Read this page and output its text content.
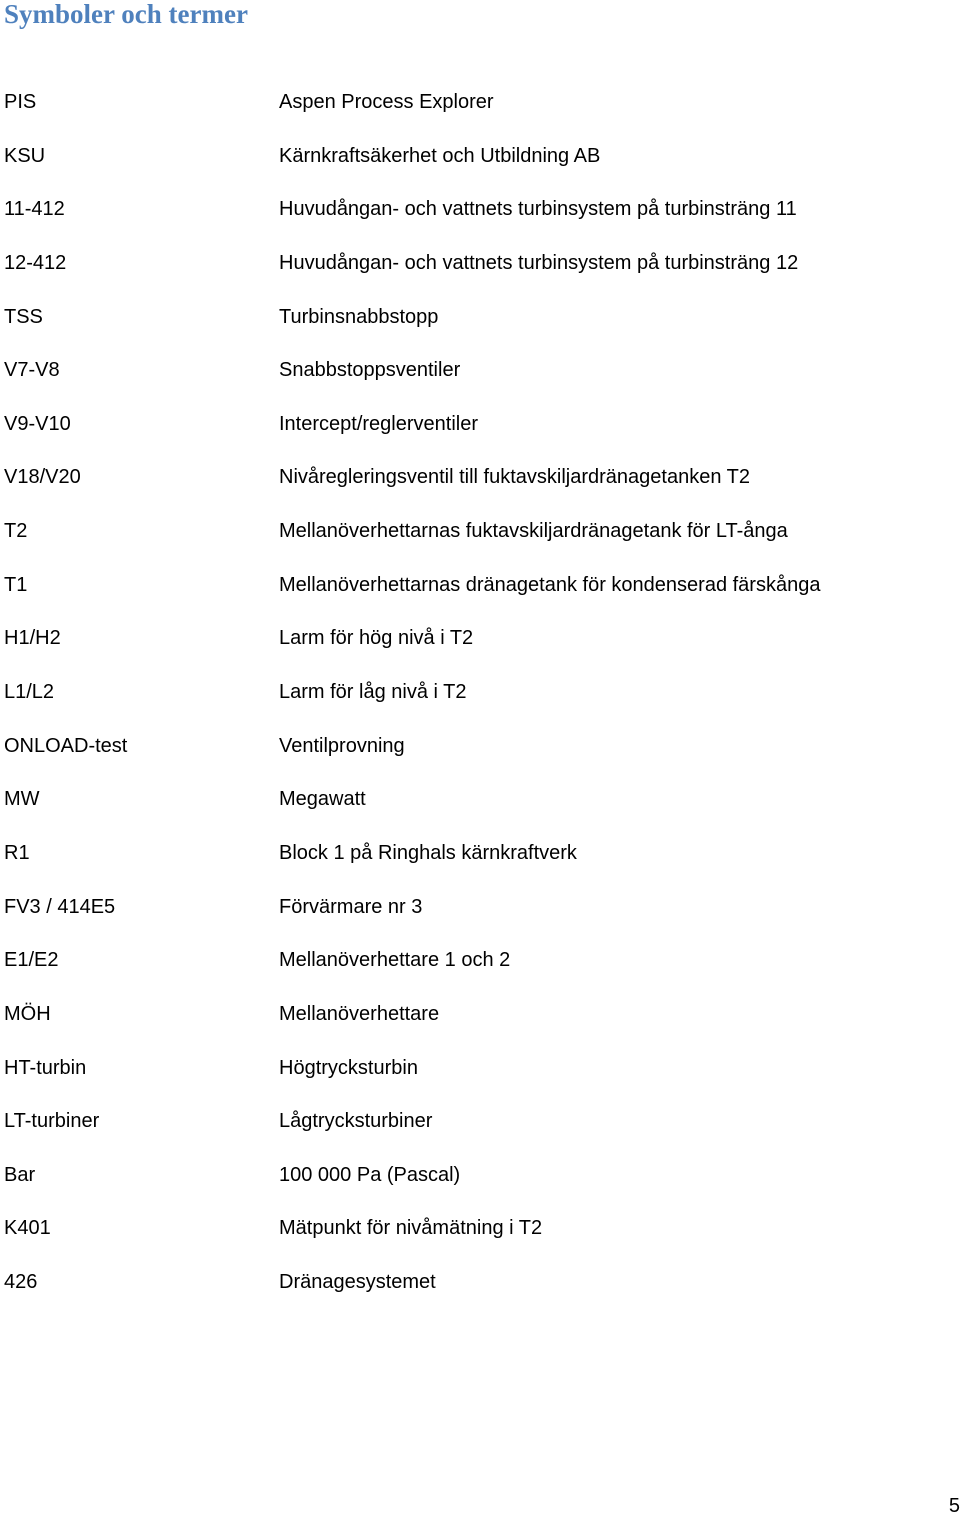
Symboler och termer
PIS	Aspen Process Explorer
KSU	Kärnkraftsäkerhet och Utbildning AB
11-412	Huvudångan- och vattnets turbinsystem på turbinsträng 11
12-412	Huvudångan- och vattnets turbinsystem på turbinsträng 12
TSS	Turbinsnabbstopp
V7-V8	Snabbstoppsventiler
V9-V10	Intercept/reglerventiler
V18/V20	Nivåregleringsventil till fuktavskiljardränagetanken T2
T2	Mellanöverhettarnas fuktavskiljardränagetank för LT-ånga
T1	Mellanöverhettarnas dränagetank för kondenserad färskånga
H1/H2	Larm för hög nivå i T2
L1/L2	Larm för låg nivå i T2
ONLOAD-test	Ventilprovning
MW	Megawatt
R1	Block 1 på Ringhals kärnkraftverk
FV3 / 414E5	Förvärmare nr 3
E1/E2	Mellanöverhettare 1 och 2
MÖH	Mellanöverhettare
HT-turbin	Högtrycksturbin
LT-turbiner	Lågtrycksturbiner
Bar	100 000 Pa (Pascal)
K401	Mätpunkt för nivåmätning i T2
426	Dränagesystemet
5
